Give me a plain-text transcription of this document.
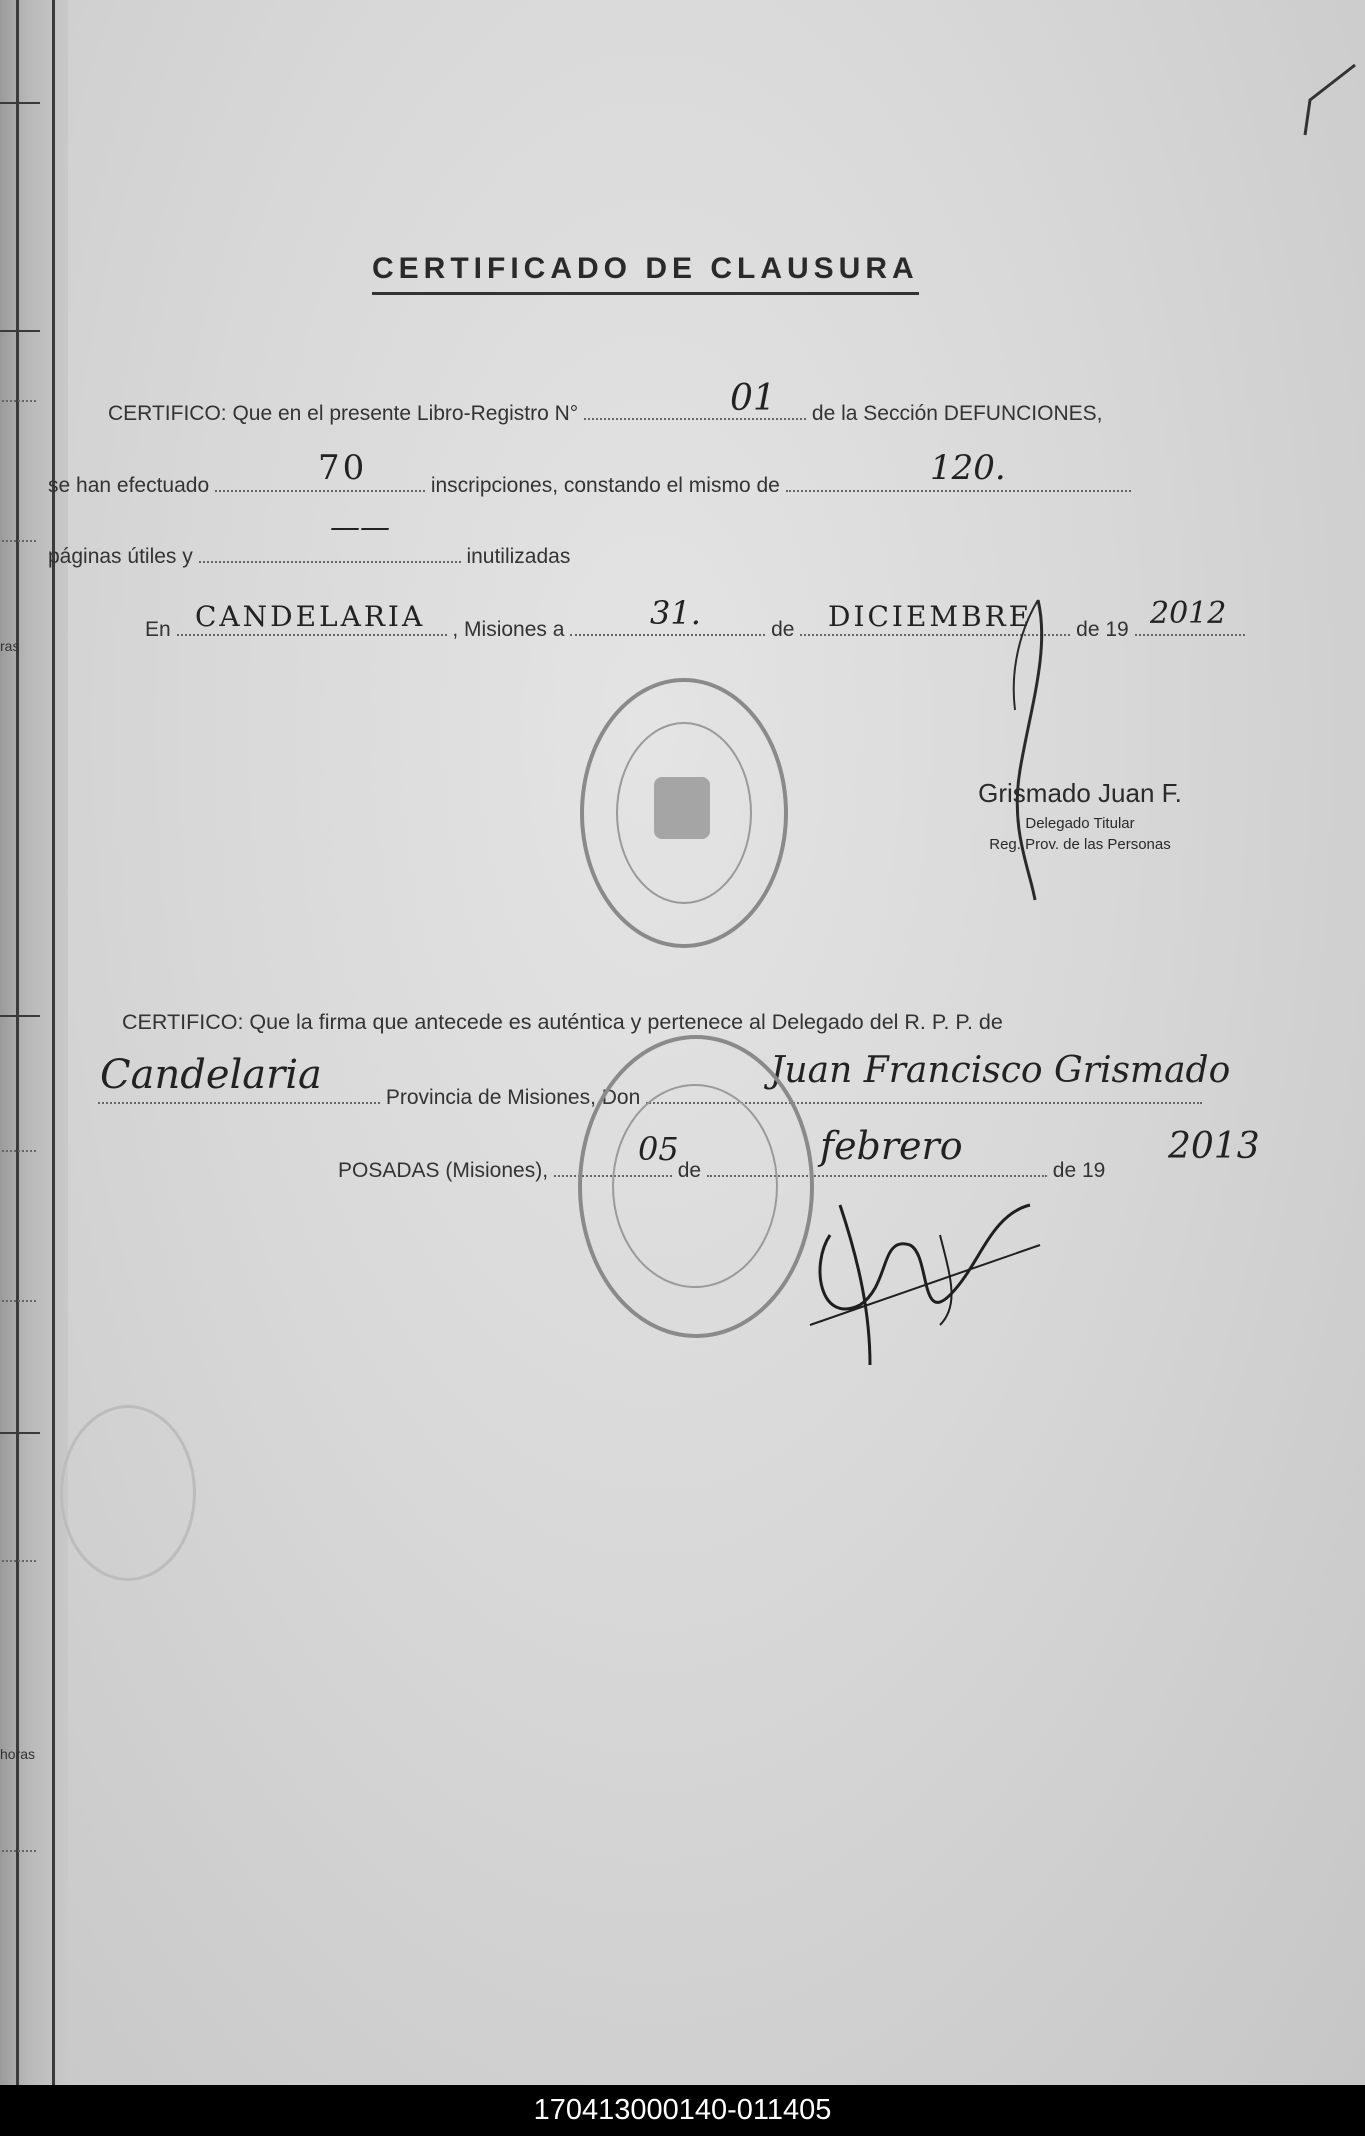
ras
horas
CERTIFICADO DE CLAUSURA
CERTIFICO: Que en el presente Libro-Registro N°	de la Sección DEFUNCIONES,
01
se han efectuado	inscripciones, constando el mismo de
70	120.
páginas útiles y	inutilizadas
——
En	, Misiones a	de	de 19
CANDELARIA	31.	DICIEMBRE	2012
Grismado Juan F.
Delegado Titular
Reg. Prov. de las Personas
CERTIFICO: Que la firma que antecede es auténtica y pertenece al Delegado del R. P. P. de
Provincia de Misiones, Don
Candelaria	Juan Francisco Grismado
POSADAS (Misiones),	de	de 19
05	febrero	2013
170413000140-011405
